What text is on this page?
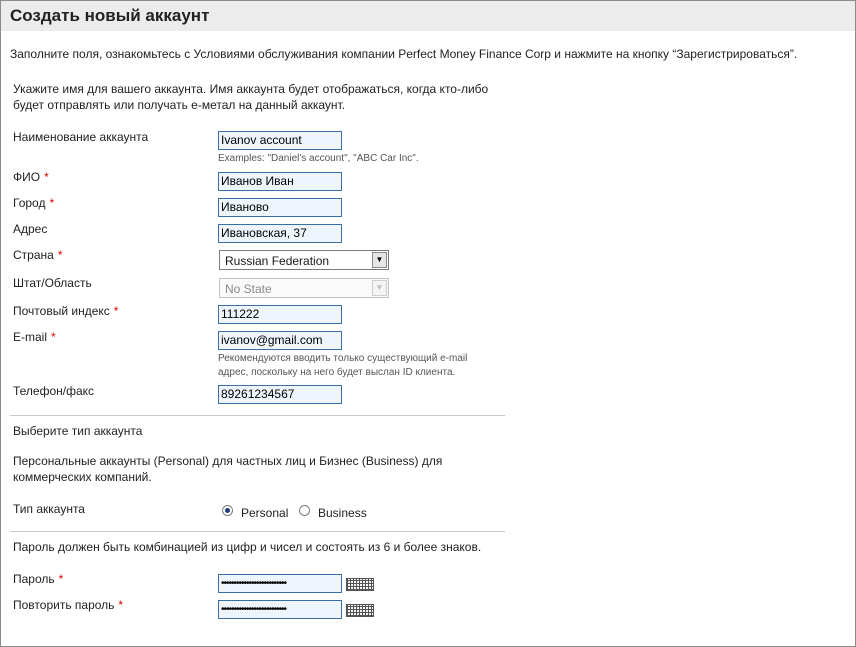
Создать новый аккаунт
Заполните поля, ознакомьтесь с Условиями обслуживания компании Perfect Money Finance Corp и нажмите на кнопку “Зарегистрироваться”.
Укажите имя для вашего аккаунта. Имя аккаунта будет отображаться, когда кто-либо
будет отправлять или получать е-метал на данный аккаунт.
Наименование аккаунта	Ivanov account
Examples: "Daniel's account", "ABC Car Inc".
ФИО *	Иванов Иван
Город *	Иваново
Адрес	Ивановская, 37
Страна *	Russian Federation	▼
Штат/Область	No State	▼
Почтовый индекс *	111222
E-mail *	ivanov@gmail.com
Рекомендуются вводить только существующий e-mail
адрес, поскольку на него будет выслан ID клиента.
Телефон/факс	89261234567
Выберите тип аккаунта
Персональные аккаунты (Personal) для частных лиц и Бизнес (Business) для
коммерческих компаний.
Тип аккаунта	Personal Business
Пароль должен быть комбинацией из цифр и чисел и состоять из 6 и более знаков.
Пароль *	••••••••••••••••••••••••••
Повторить пароль *	••••••••••••••••••••••••••
